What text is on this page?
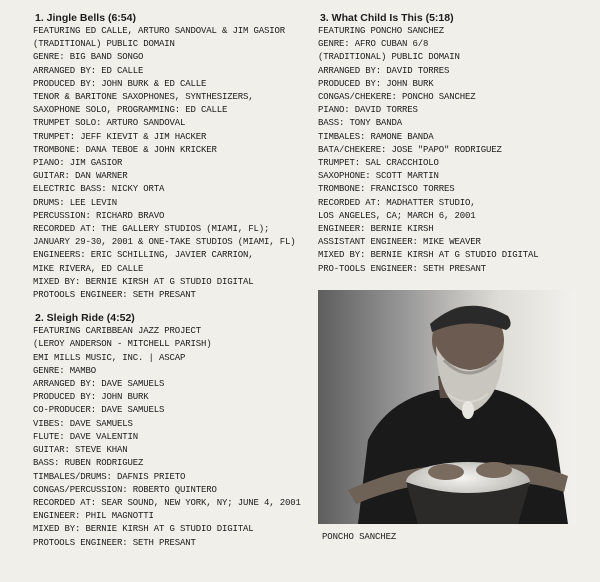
1. Jingle Bells (6:54)
FEATURING ED CALLE, ARTURO SANDOVAL & JIM GASIOR
(TRADITIONAL) PUBLIC DOMAIN
GENRE: BIG BAND SONGO
ARRANGED BY: ED CALLE
PRODUCED BY: JOHN BURK & ED CALLE
TENOR & BARITONE SAXOPHONES, SYNTHESIZERS,
SAXOPHONE SOLO, PROGRAMMING: ED CALLE
TRUMPET SOLO: ARTURO SANDOVAL
TRUMPET: JEFF KIEVIT & JIM HACKER
TROMBONE: DANA TEBOE & JOHN KRICKER
PIANO: JIM GASIOR
GUITAR: DAN WARNER
ELECTRIC BASS: NICKY ORTA
DRUMS: LEE LEVIN
PERCUSSION: RICHARD BRAVO
RECORDED AT: THE GALLERY STUDIOS (MIAMI, FL);
JANUARY 29-30, 2001 & ONE-TAKE STUDIOS (MIAMI, FL)
ENGINEERS: ERIC SCHILLING, JAVIER CARRION,
MIKE RIVERA, ED CALLE
MIXED BY: BERNIE KIRSH AT G STUDIO DIGITAL
PROTOOLS ENGINEER: SETH PRESANT
2. Sleigh Ride (4:52)
FEATURING CARIBBEAN JAZZ PROJECT
(LEROY ANDERSON - MITCHELL PARISH)
EMI MILLS MUSIC, INC. | ASCAP
GENRE: MAMBO
ARRANGED BY: DAVE SAMUELS
PRODUCED BY: JOHN BURK
CO-PRODUCER: DAVE SAMUELS
VIBES: DAVE SAMUELS
FLUTE: DAVE VALENTIN
GUITAR: STEVE KHAN
BASS: RUBEN RODRIGUEZ
TIMBALES/DRUMS: DAFNIS PRIETO
CONGAS/PERCUSSION: ROBERTO QUINTERO
RECORDED AT: SEAR SOUND, NEW YORK, NY; JUNE 4, 2001
ENGINEER: PHIL MAGNOTTI
MIXED BY: BERNIE KIRSH AT G STUDIO DIGITAL
PROTOOLS ENGINEER: SETH PRESANT
3. What Child Is This (5:18)
FEATURING PONCHO SANCHEZ
GENRE: AFRO CUBAN 6/8
(TRADITIONAL) PUBLIC DOMAIN
ARRANGED BY: DAVID TORRES
PRODUCED BY: JOHN BURK
CONGAS/CHEKERE: PONCHO SANCHEZ
PIANO: DAVID TORRES
BASS: TONY BANDA
TIMBALES: RAMONE BANDA
BATA/CHEKERE: JOSE "PAPO" RODRIGUEZ
TRUMPET: SAL CRACCHIOLO
SAXOPHONE: SCOTT MARTIN
TROMBONE: FRANCISCO TORRES
RECORDED AT: MADHATTER STUDIO,
LOS ANGELES, CA; MARCH 6, 2001
ENGINEER: BERNIE KIRSH
ASSISTANT ENGINEER: MIKE WEAVER
MIXED BY: BERNIE KIRSH AT G STUDIO DIGITAL
PRO-TOOLS ENGINEER: SETH PRESANT
PONCHO SANCHEZ
